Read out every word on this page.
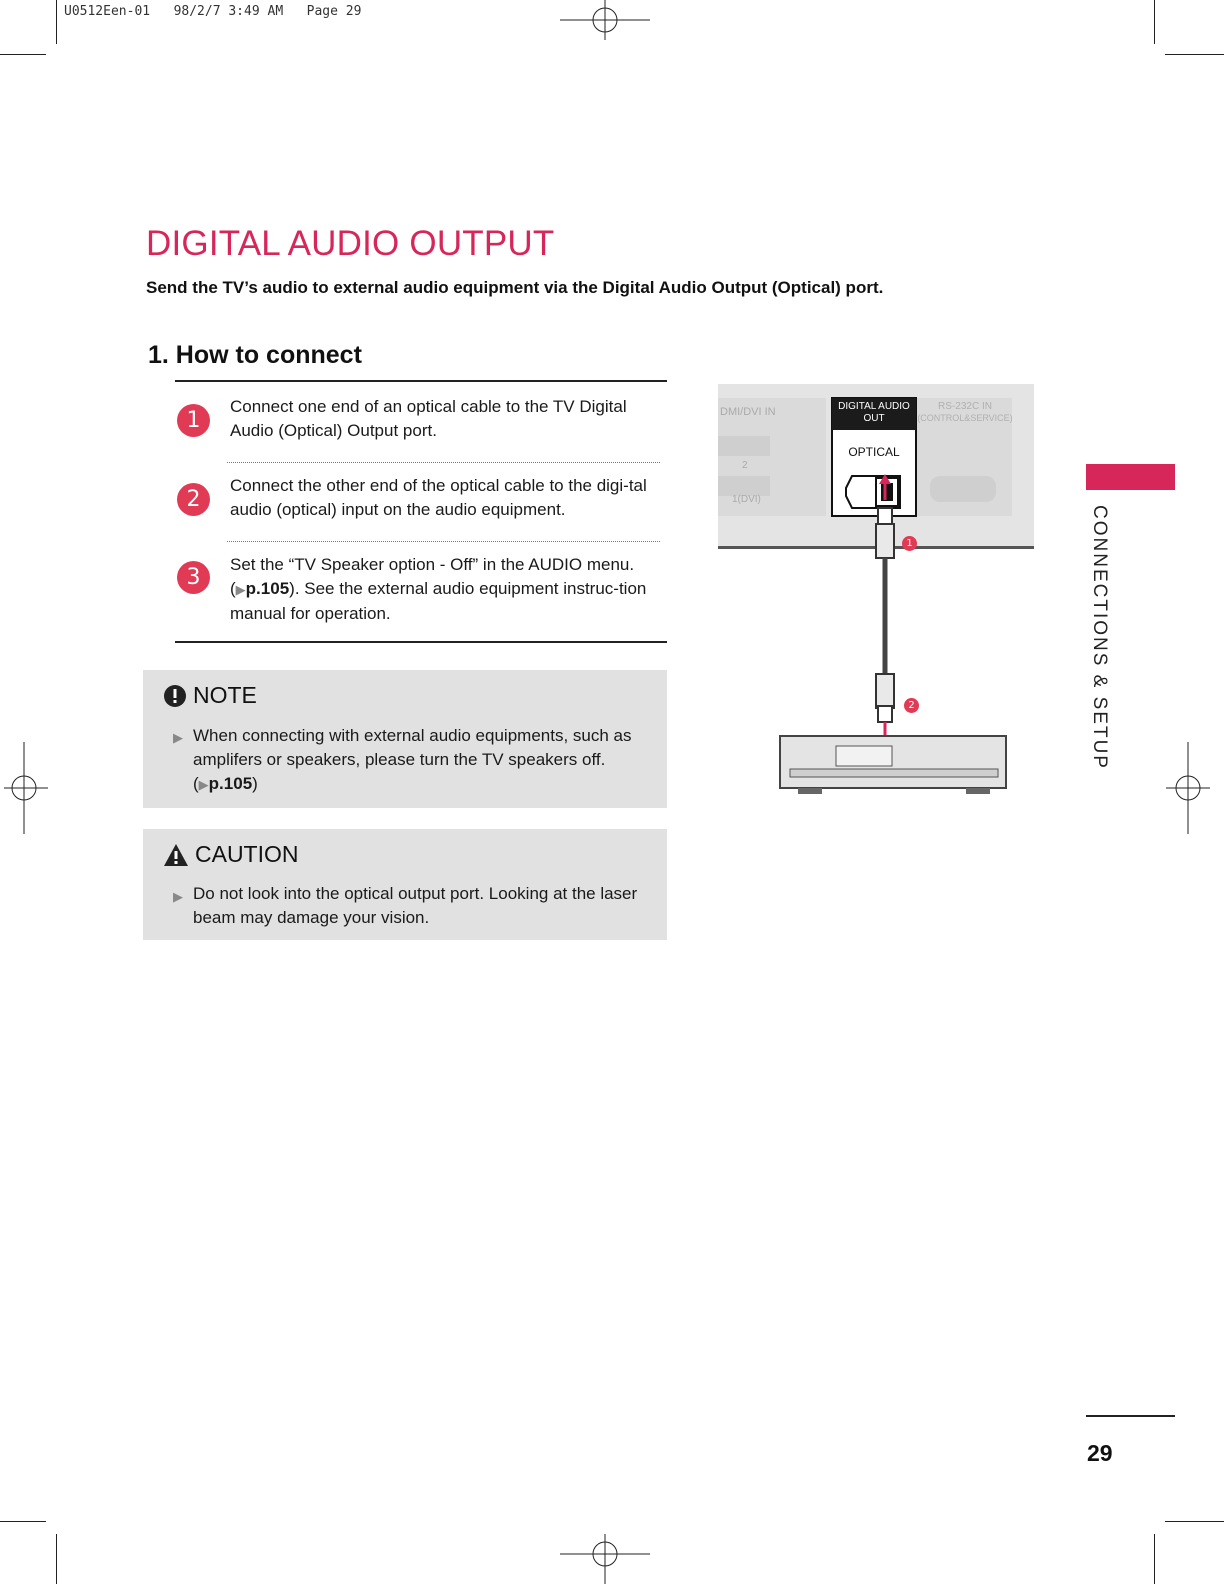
U0512Een-01   98/2/7 3:49 AM   Page 29
DIGITAL AUDIO OUTPUT
Send the TV’s audio to external audio equipment via the Digital Audio Output (Optical) port.
1. How to connect
1
Connect one end of an optical cable to the TV Digital Audio (Optical) Output port.
2
Connect the other end of the optical cable to the digi-tal audio (optical) input on the audio equipment.
3
Set the “TV Speaker option - Off” in the AUDIO menu. (▶p.105). See the external audio equipment instruc-tion manual for operation.
NOTE
▶ When connecting with external audio equipments, such as amplifers or speakers, please turn the TV speakers off. (▶p.105)
CAUTION
▶ Do not look into the optical output port. Looking at the laser beam may damage your vision.
DMI/DVI IN
2
1(DVI)
DIGITAL AUDIO OUT
OPTICAL
RS-232C IN
(CONTROL&SERVICE)
1
2	CONNECTIONS & SETUP
29
